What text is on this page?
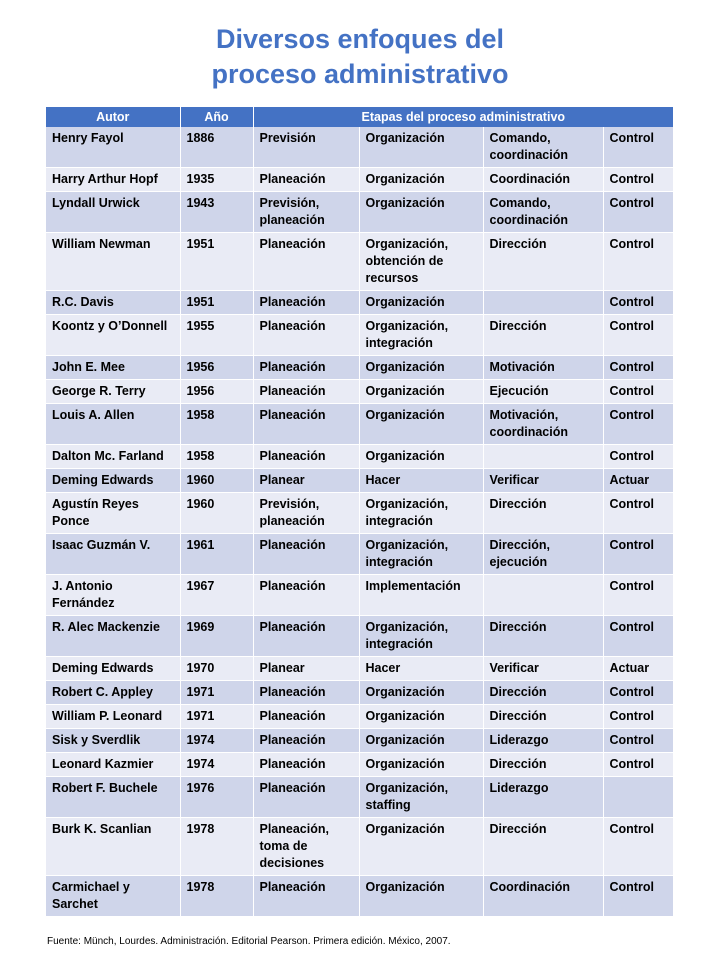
Diversos enfoques del
proceso administrativo
Autor	Año	Etapas del proceso administrativo			
Henry Fayol	1886	Previsión	Organización	Comando, coordinación	Control
Harry Arthur Hopf	1935	Planeación	Organización	Coordinación	Control
Lyndall Urwick	1943	Previsión, planeación	Organización	Comando, coordinación	Control
William Newman	1951	Planeación	Organización, obtención de recursos	Dirección	Control
R.C. Davis	1951	Planeación	Organización		Control
Koontz y O’Donnell	1955	Planeación	Organización, integración	Dirección	Control
John E. Mee	1956	Planeación	Organización	Motivación	Control
George R. Terry	1956	Planeación	Organización	Ejecución	Control
Louis A. Allen	1958	Planeación	Organización	Motivación, coordinación	Control
Dalton Mc. Farland	1958	Planeación	Organización		Control
Deming Edwards	1960	Planear	Hacer	Verificar	Actuar
Agustín Reyes Ponce	1960	Previsión, planeación	Organización, integración	Dirección	Control
Isaac Guzmán V.	1961	Planeación	Organización, integración	Dirección, ejecución	Control
J. Antonio Fernández	1967	Planeación	Implementación		Control
R. Alec Mackenzie	1969	Planeación	Organización, integración	Dirección	Control
Deming Edwards	1970	Planear	Hacer	Verificar	Actuar
Robert C. Appley	1971	Planeación	Organización	Dirección	Control
William P. Leonard	1971	Planeación	Organización	Dirección	Control
Sisk y Sverdlik	1974	Planeación	Organización	Liderazgo	Control
Leonard Kazmier	1974	Planeación	Organización	Dirección	Control
Robert F. Buchele	1976	Planeación	Organización, staffing	Liderazgo	
Burk K. Scanlian	1978	Planeación, toma de decisiones	Organización	Dirección	Control
Carmichael y Sarchet	1978	Planeación	Organización	Coordinación	Control
Fuente: Münch, Lourdes. Administración. Editorial Pearson. Primera edición. México, 2007.
